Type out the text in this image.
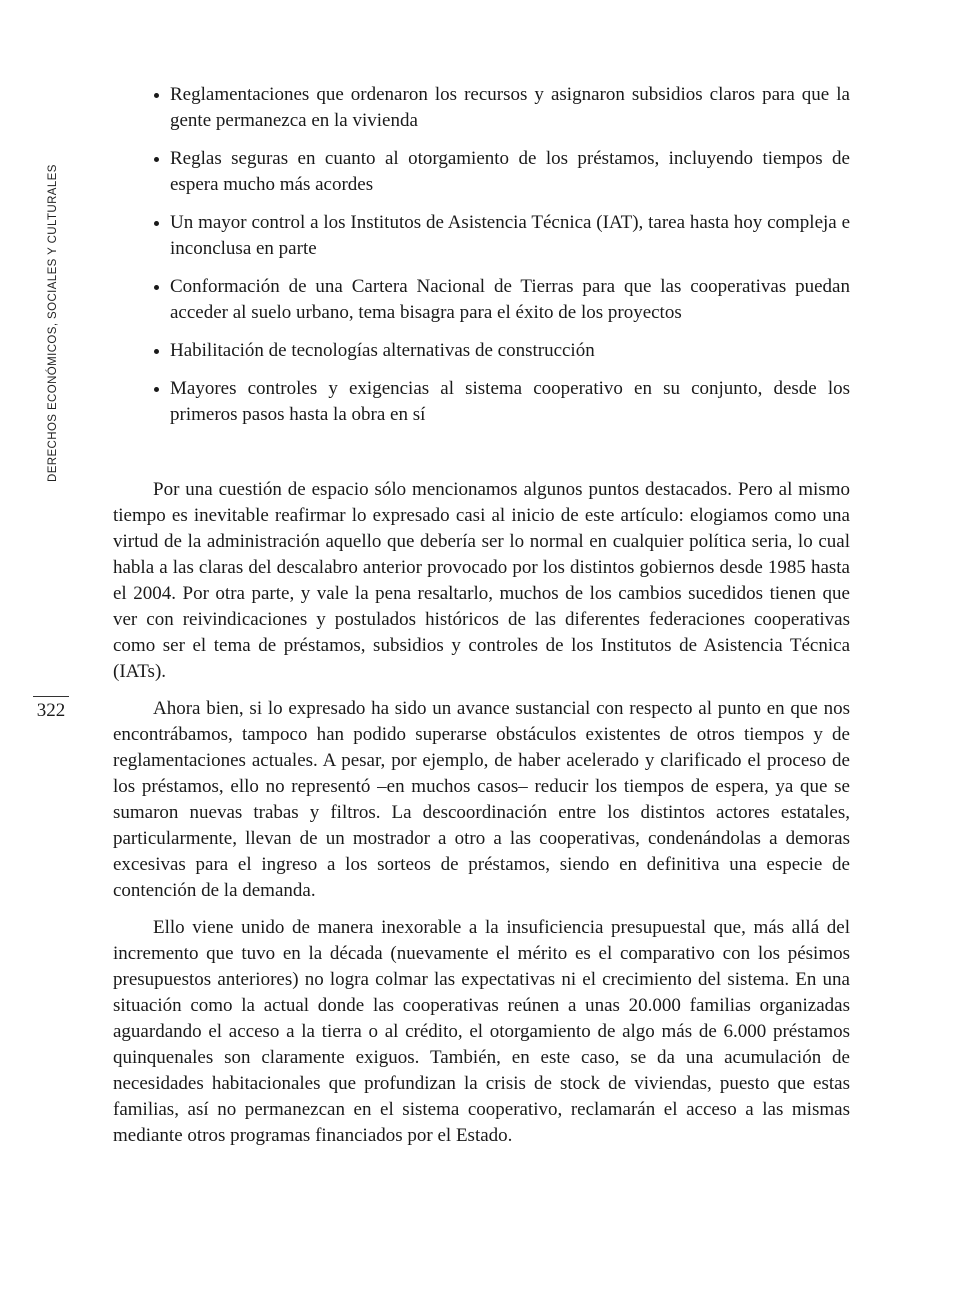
DERECHOS ECONÓMICOS, SOCIALES Y CULTURALES
322
Reglamentaciones que ordenaron los recursos y asignaron subsidios claros para que la gente permanezca en la vivienda
Reglas seguras en cuanto al otorgamiento de los préstamos, incluyendo tiempos de espera mucho más acordes
Un mayor control a los Institutos de Asistencia Técnica (IAT), tarea hasta hoy compleja e inconclusa en parte
Conformación de una Cartera Nacional de Tierras para que las cooperativas puedan acceder al suelo urbano, tema bisagra para el éxito de los proyectos
Habilitación de tecnologías alternativas de construcción
Mayores controles y exigencias al sistema cooperativo en su conjunto, desde los primeros pasos hasta la obra en sí

Por una cuestión de espacio sólo mencionamos algunos puntos destacados. Pero al mismo tiempo es inevitable reafirmar lo expresado casi al inicio de este artículo: elogiamos como una virtud de la administración aquello que debería ser lo normal en cualquier política seria, lo cual habla a las claras del descalabro anterior provocado por los distintos gobiernos desde 1985 hasta el 2004. Por otra parte, y vale la pena resaltarlo, muchos de los cambios sucedidos tienen que ver con reivindicaciones y postulados históricos de las diferentes federaciones cooperativas como ser el tema de préstamos, subsidios y controles de los Institutos de Asistencia Técnica (IATs).

Ahora bien, si lo expresado ha sido un avance sustancial con respecto al punto en que nos encontrábamos, tampoco han podido superarse obstáculos existentes de otros tiempos y de reglamentaciones actuales. A pesar, por ejemplo, de haber acelerado y clarificado el proceso de los préstamos, ello no representó –en muchos casos– reducir los tiempos de espera, ya que se sumaron nuevas trabas y filtros. La descoordinación entre los distintos actores estatales, particularmente, llevan de un mostrador a otro a las cooperativas, condenándolas a demoras excesivas para el ingreso a los sorteos de préstamos, siendo en definitiva una especie de contención de la demanda.

Ello viene unido de manera inexorable a la insuficiencia presupuestal que, más allá del incremento que tuvo en la década (nuevamente el mérito es el comparativo con los pésimos presupuestos anteriores) no logra colmar las expectativas ni el crecimiento del sistema. En una situación como la actual donde las cooperativas reúnen a unas 20.000 familias organizadas aguardando el acceso a la tierra o al crédito, el otorgamiento de algo más de 6.000 préstamos quinquenales son claramente exiguos. También, en este caso, se da una acumulación de necesidades habitacionales que profundizan la crisis de stock de viviendas, puesto que estas familias, así no permanezcan en el sistema cooperativo, reclamarán el acceso a las mismas mediante otros programas financiados por el Estado.
